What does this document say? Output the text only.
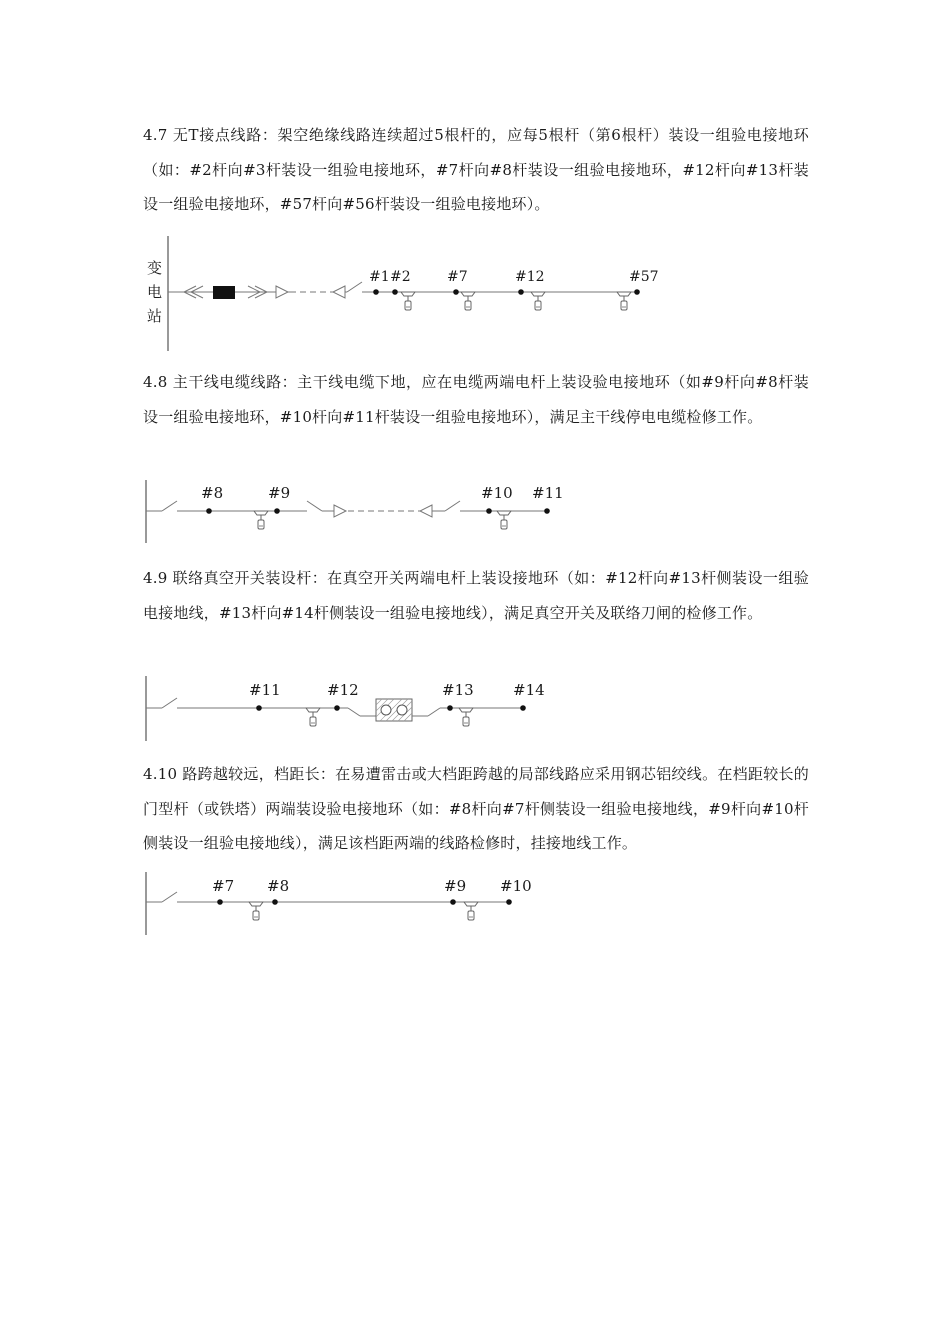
4.7 无T接点线路：架空绝缘线路连续超过5根杆的，应每5根杆（第6根杆）装设一组验电接地环（如：#2杆向#3杆装设一组验电接地环，#7杆向#8杆装设一组验电接地环，#12杆向#13杆装设一组验电接地环，#57杆向#56杆装设一组验电接地环）。

4.8 主干线电缆线路：主干线电缆下地，应在电缆两端电杆上装设验电接地环（如#9杆向#8杆装设一组验电接地环，#10杆向#11杆装设一组验电接地环），满足主干线停电电缆检修工作。

4.9 联络真空开关装设杆：在真空开关两端电杆上装设接地环（如：#12杆向#13杆侧装设一组验电接地线，#13杆向#14杆侧装设一组验电接地线），满足真空开关及联络刀闸的检修工作。

4.10 路跨越较远，档距长：在易遭雷击或大档距跨越的局部线路应采用钢芯铝绞线。在档距较长的门型杆（或铁塔）两端装设验电接地环（如：#8杆向#7杆侧装设一组验电接地线，#9杆向#10杆侧装设一组验电接地线），满足该档距两端的线路检修时，挂接地线工作。

变
电
站
#1 #2	#7	#12	#57
#8	#9	#10 #11
#11	#12	#13	#14
#7 #8	#9 #10
